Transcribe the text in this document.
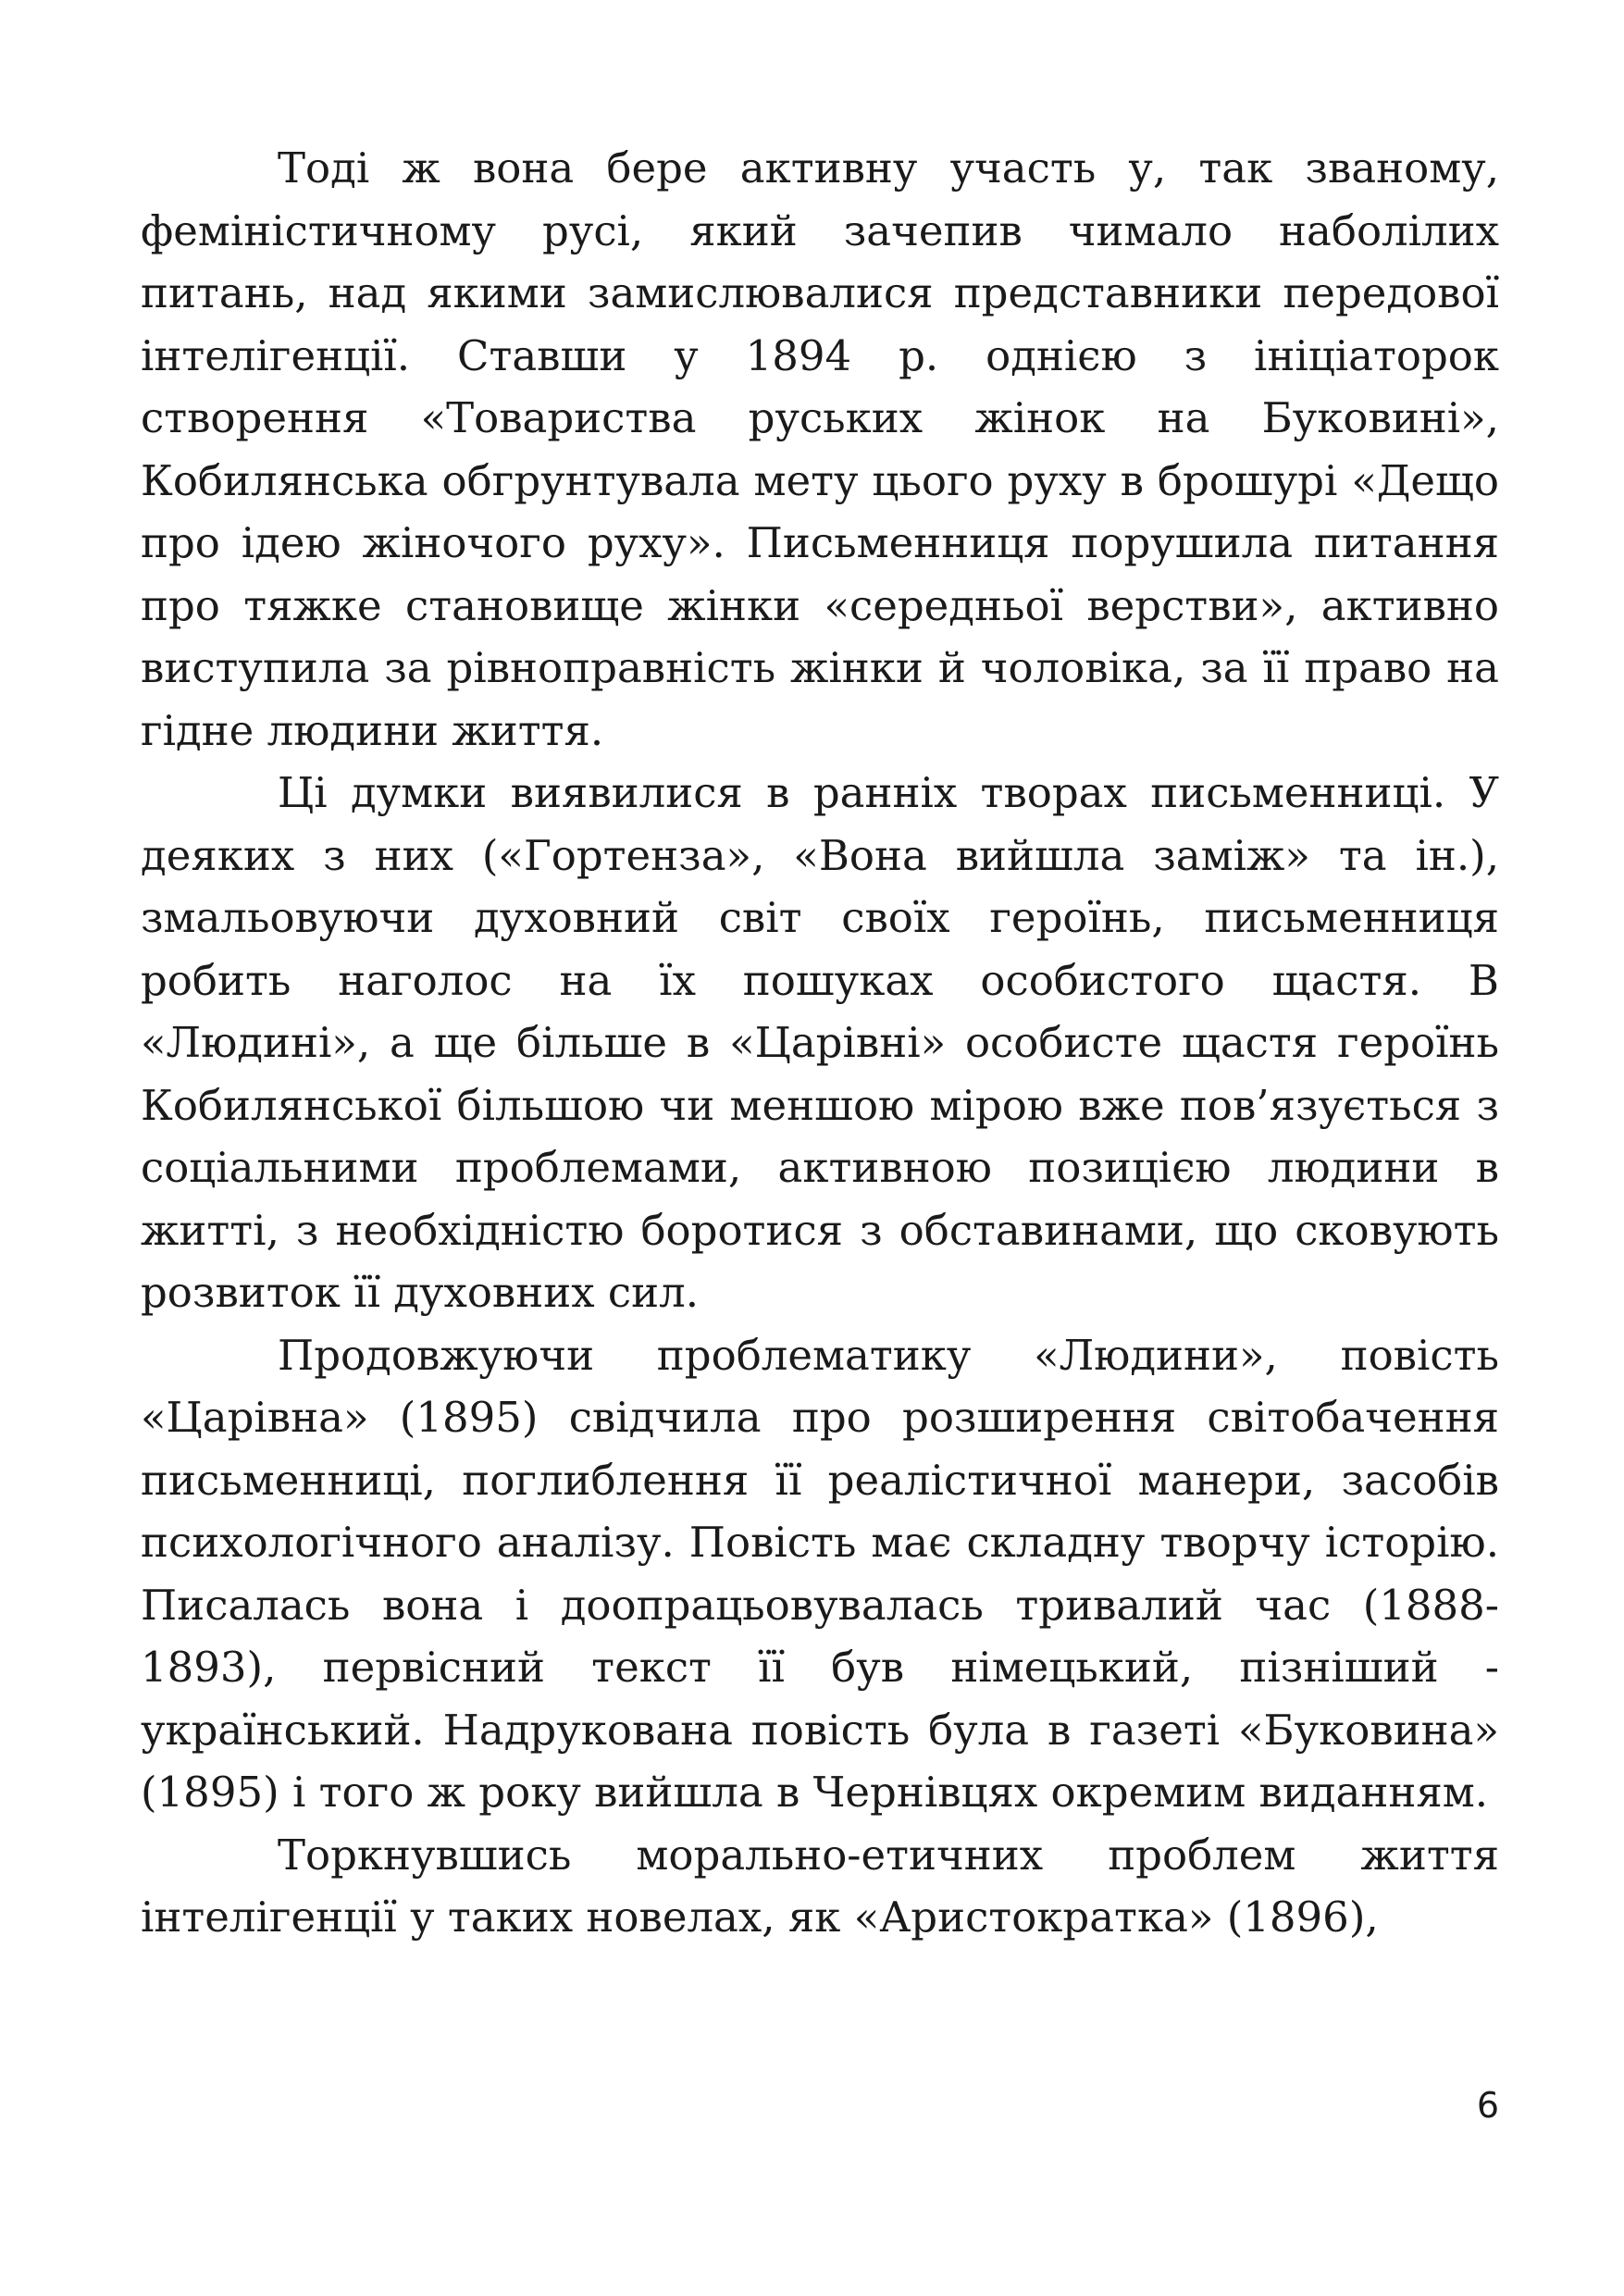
Тоді ж вона бере активну участь у, так званому, феміністичному русі, який зачепив чимало наболілих питань, над якими замислювалися представники передової інтелігенції. Ставши у 1894 р. однією з ініціаторок створення «Товариства руських жінок на Буковині», Кобилянська обгрунтувала мету цього руху в брошурі «Дещо про ідею жіночого руху». Письменниця порушила питання про тяжке становище жінки «середньої верстви», активно виступила за рівноправність жінки й чоловіка, за її право на гідне людини життя.

Ці думки виявилися в ранніх творах письменниці. У деяких з них («Гортенза», «Вона вийшла заміж» та ін.), змальовуючи духовний світ своїх героїнь, письменниця робить наголос на їх пошуках особистого щастя. В «Людині», а ще більше в «Царівні» особисте щастя героїнь Кобилянської більшою чи меншою мірою вже пов’язується з соціальними проблемами, активною позицією людини в житті, з необхідністю боротися з обставинами, що сковують розвиток її духовних сил.

Продовжуючи проблематику «Людини», повість «Царівна» (1895) свідчила про розширення світобачення письменниці, поглиблення її реалістичної манери, засобів психологічного аналізу. Повість має складну творчу історію. Писалась вона і доопрацьовувалась тривалий час (1888-1893), первісний текст її був німецький, пізніший - український. Надрукована повість була в газеті «Буковина» (1895) і того ж року вийшла в Чернівцях окремим виданням.

Торкнувшись морально-етичних проблем життя інтелігенції у таких новелах, як «Аристократка» (1896),

6
